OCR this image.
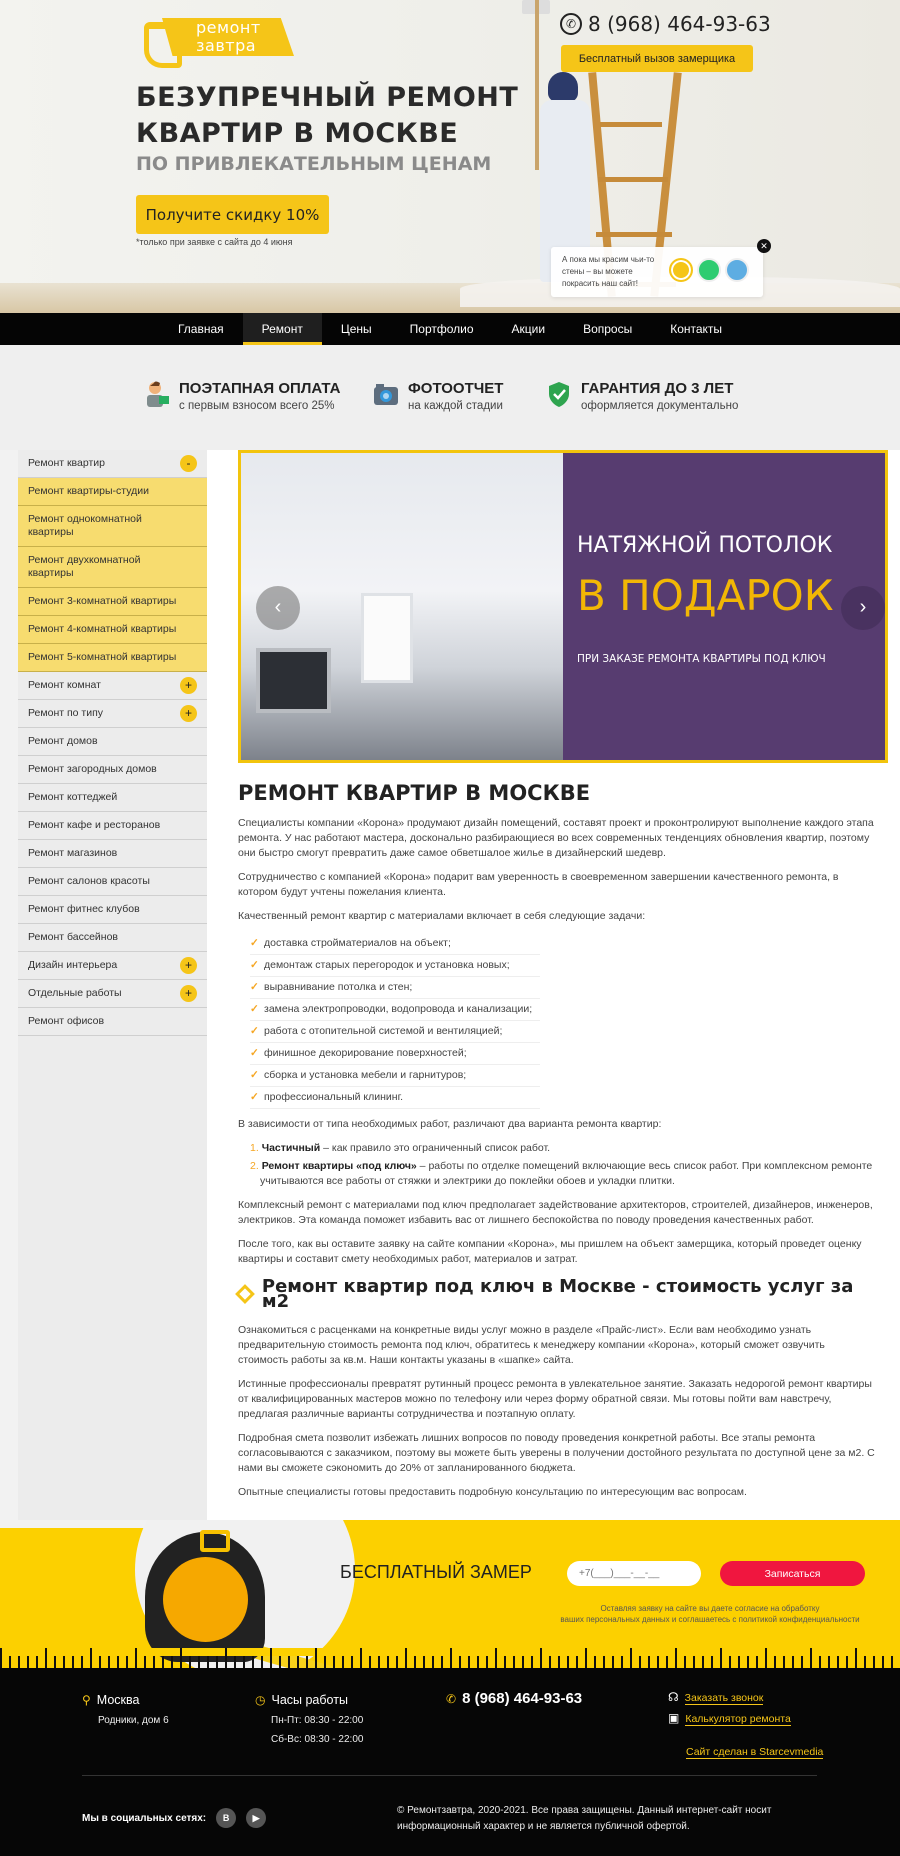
ремонт
завтра
✆ 8 (968) 464-93-63
Бесплатный вызов замерщика
БЕЗУПРЕЧНЫЙ РЕМОНТ
КВАРТИР В МОСКВЕ
ПО ПРИВЛЕКАТЕЛЬНЫМ ЦЕНАМ
Получите скидку 10%
*только при заявке с сайта до 4 июня
А пока мы красим чьи-то стены – вы можете покрасить наш сайт!
✕
Главная	Ремонт	Цены	Портфолио	Акции	Вопросы	Контакты
ПОЭТАПНАЯ ОПЛАТА
с первым взносом всего 25%
ФОТООТЧЕТ
на каждой стадии
ГАРАНТИЯ ДО 3 ЛЕТ
оформляется документально
Ремонт квартир	-
Ремонт квартиры-студии
Ремонт однокомнатной квартиры
Ремонт двухкомнатной квартиры
Ремонт 3-комнатной квартиры
Ремонт 4-комнатной квартиры
Ремонт 5-комнатной квартиры
Ремонт комнат	+
Ремонт по типу	+
Ремонт домов
Ремонт загородных домов
Ремонт коттеджей
Ремонт кафе и ресторанов
Ремонт магазинов
Ремонт салонов красоты
Ремонт фитнес клубов
Ремонт бассейнов
Дизайн интерьера	+
Отдельные работы	+
Ремонт офисов
НАТЯЖНОЙ ПОТОЛОК
В ПОДАРОК
ПРИ ЗАКАЗЕ РЕМОНТА КВАРТИРЫ ПОД КЛЮЧ
‹	›
РЕМОНТ КВАРТИР В МОСКВЕ

Специалисты компании «Корона» продумают дизайн помещений, составят проект и проконтролируют выполнение каждого этапа ремонта. У нас работают мастера, досконально разбирающиеся во всех современных тенденциях обновления квартир, поэтому они быстро смогут превратить даже самое обветшалое жилье в дизайнерский шедевр.

Сотрудничество с компанией «Корона» подарит вам уверенность в своевременном завершении качественного ремонта, в котором будут учтены пожелания клиента.

Качественный ремонт квартир с материалами включает в себя следующие задачи:

✓ доставка стройматериалов на объект;
✓ демонтаж старых перегородок и установка новых;
✓ выравнивание потолка и стен;
✓ замена электропроводки, водопровода и канализации;
✓ работа с отопительной системой и вентиляцией;
✓ финишное декорирование поверхностей;
✓ сборка и установка мебели и гарнитуров;
✓ профессиональный клининг.

В зависимости от типа необходимых работ, различают два варианта ремонта квартир:

1. Частичный – как правило это ограниченный список работ.
2. Ремонт квартиры «под ключ» – работы по отделке помещений включающие весь список работ. При комплексном ремонте учитываются все работы от стяжки и электрики до поклейки обоев и укладки плитки.

Комплексный ремонт с материалами под ключ предполагает задействование архитекторов, строителей, дизайнеров, инженеров, электриков. Эта команда поможет избавить вас от лишнего беспокойства по поводу проведения качественных работ.

После того, как вы оставите заявку на сайте компании «Корона», мы пришлем на объект замерщика, который проведет оценку квартиры и составит смету необходимых работ, материалов и затрат.

Ремонт квартир под ключ в Москве - стоимость услуг за м2

Ознакомиться с расценками на конкретные виды услуг можно в разделе «Прайс-лист». Если вам необходимо узнать предварительную стоимость ремонта под ключ, обратитесь к менеджеру компании «Корона», который сможет озвучить стоимость работы за кв.м. Наши контакты указаны в «шапке» сайта.

Истинные профессионалы превратят рутинный процесс ремонта в увлекательное занятие. Заказать недорогой ремонт квартиры от квалифицированных мастеров можно по телефону или через форму обратной связи. Мы готовы пойти вам навстречу, предлагая различные варианты сотрудничества и поэтапную оплату.

Подробная смета позволит избежать лишних вопросов по поводу проведения конкретной работы. Все этапы ремонта согласовываются с заказчиком, поэтому вы можете быть уверены в получении достойного результата по доступной цене за м2. С нами вы сможете сэкономить до 20% от запланированного бюджета.

Опытные специалисты готовы предоставить подробную консультацию по интересующим вас вопросам.

БЕСПЛАТНЫЙ ЗАМЕР
+7(___)___-__-__	Записаться
Оставляя заявку на сайте вы даете согласие на обработку
ваших персональных данных и соглашаетесь с политикой конфиденциальности
⚲ Москва
Родники, дом 6
◷ Часы работы
Пн-Пт: 08:30 - 22:00
Сб-Вс: 08:30 - 22:00
✆ 8 (968) 464-93-63	☊ Заказать звонок
▣ Калькулятор ремонта
Сайт сделан в Starcevmedia
Мы в социальных сетях:	В	▶
© Ремонтзавтра, 2020-2021. Все права защищены. Данный интернет-сайт носит информационный характер и не является публичной офертой.
